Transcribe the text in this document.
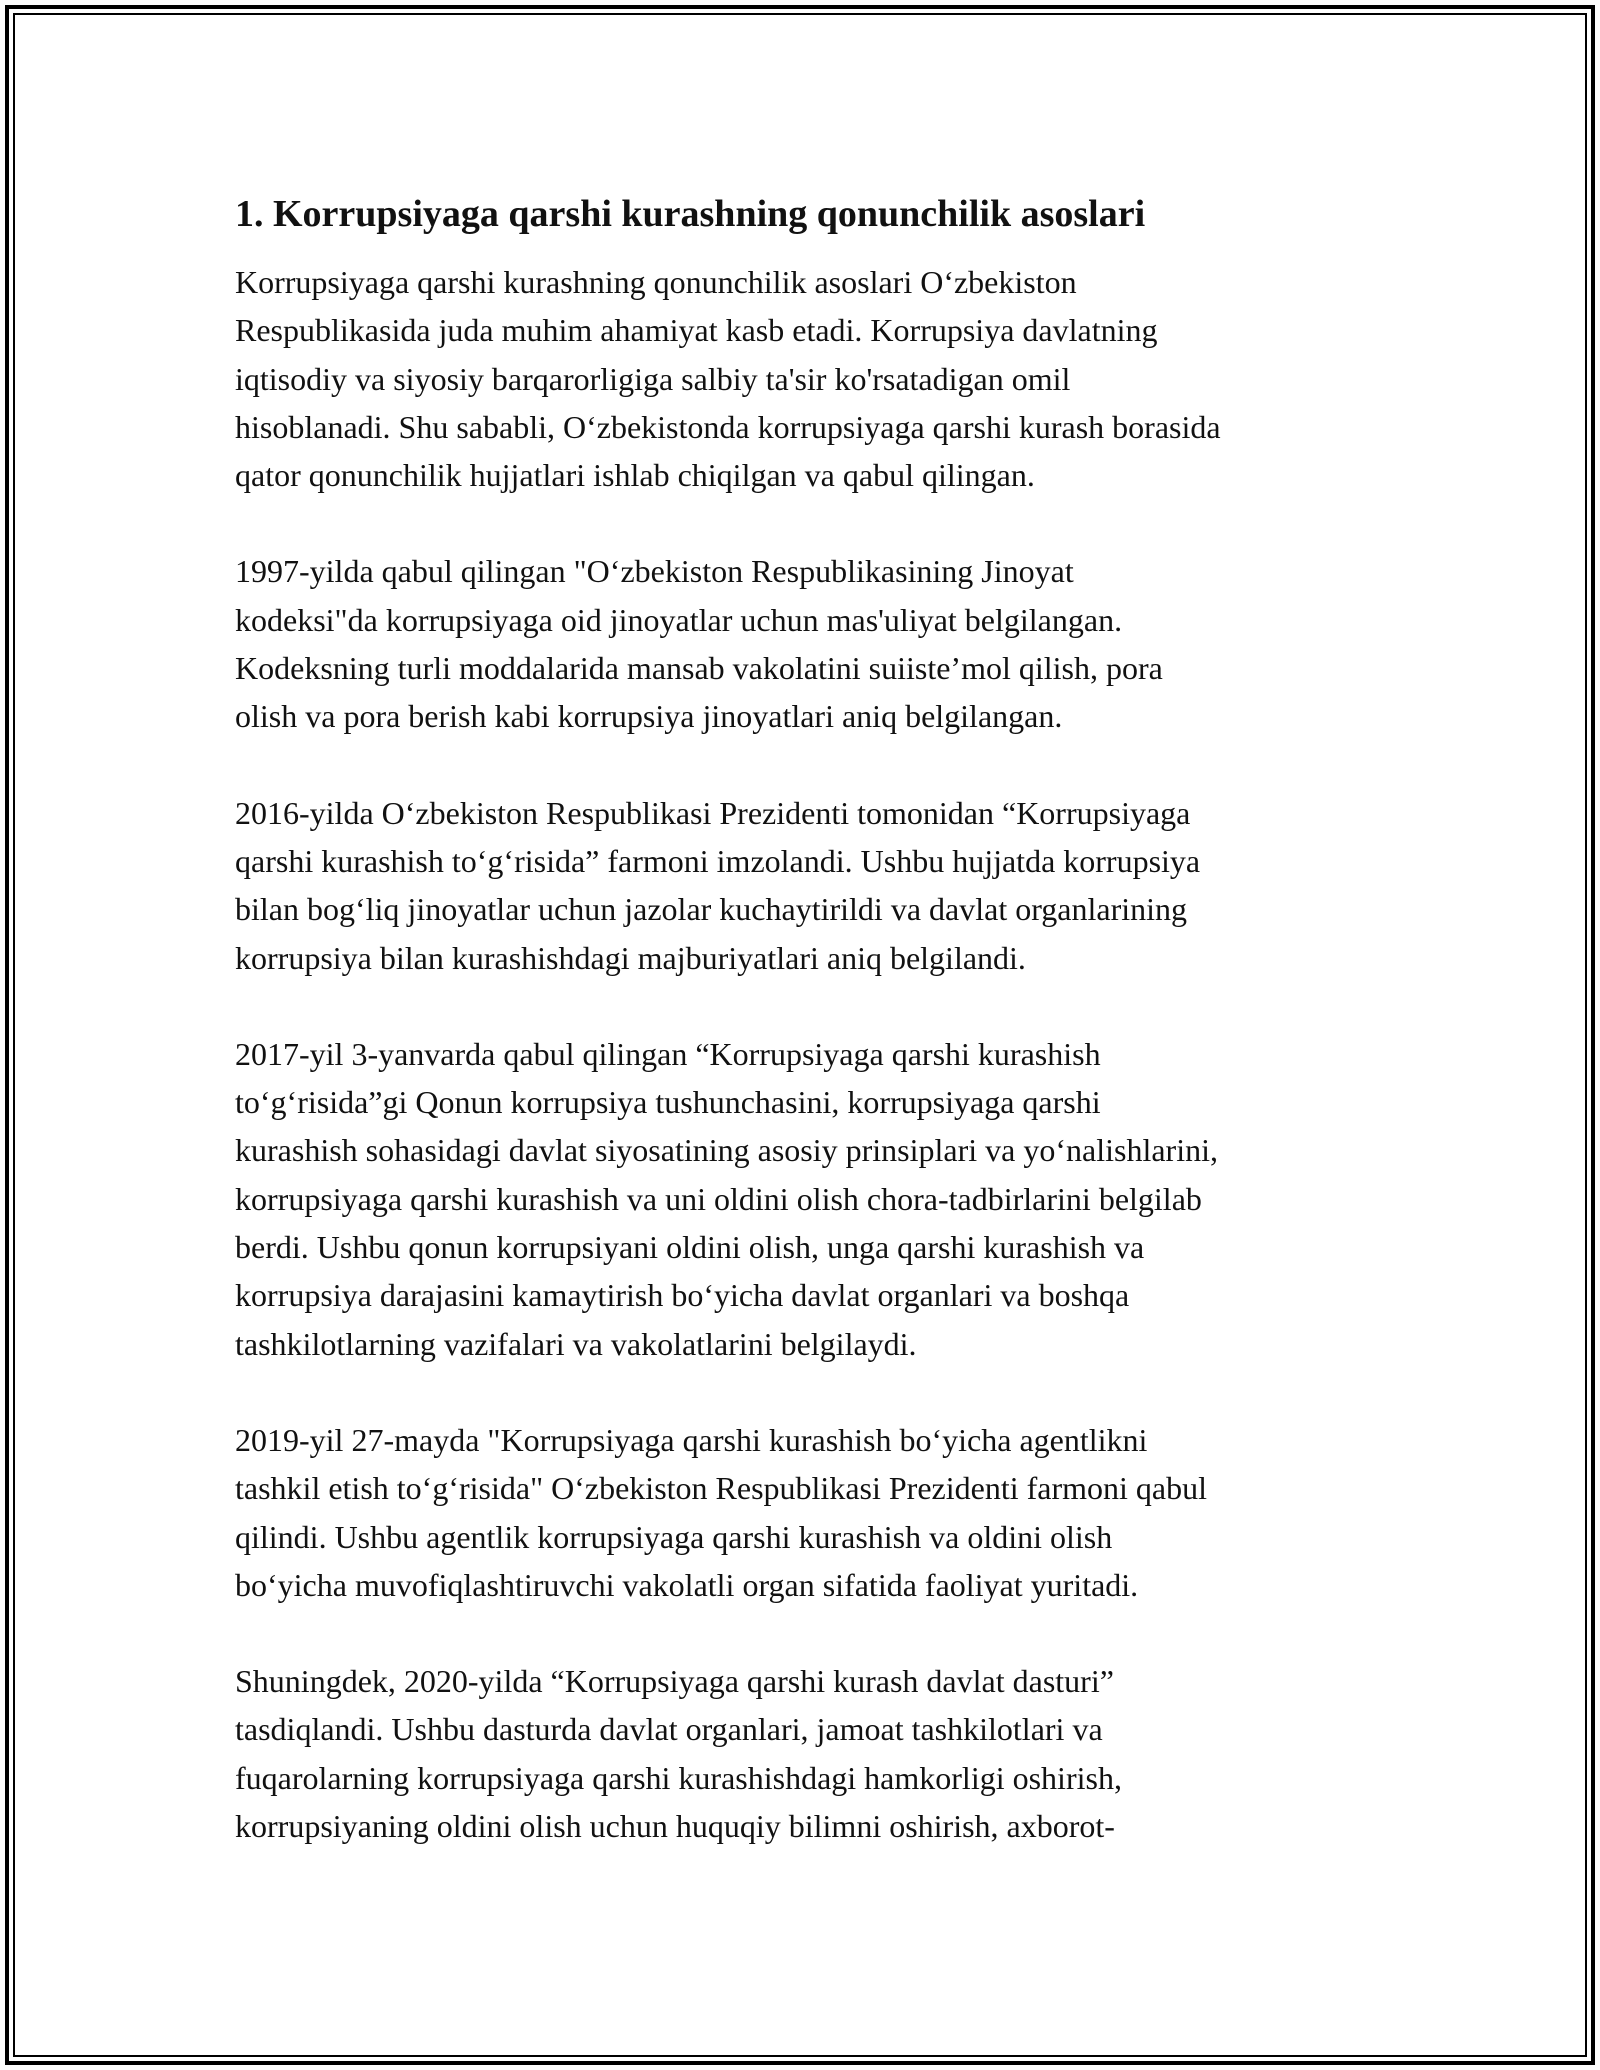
1. Korrupsiyaga qarshi kurashning qonunchilik asoslari

Korrupsiyaga qarshi kurashning qonunchilik asoslari O‘zbekiston
Respublikasida juda muhim ahamiyat kasb etadi. Korrupsiya davlatning
iqtisodiy va siyosiy barqarorligiga salbiy ta'sir ko'rsatadigan omil
hisoblanadi. Shu sababli, O‘zbekistonda korrupsiyaga qarshi kurash borasida
qator qonunchilik hujjatlari ishlab chiqilgan va qabul qilingan.

1997-yilda qabul qilingan "O‘zbekiston Respublikasining Jinoyat
kodeksi"da korrupsiyaga oid jinoyatlar uchun mas'uliyat belgilangan.
Kodeksning turli moddalarida mansab vakolatini suiiste’mol qilish, pora
olish va pora berish kabi korrupsiya jinoyatlari aniq belgilangan.

2016-yilda O‘zbekiston Respublikasi Prezidenti tomonidan “Korrupsiyaga
qarshi kurashish to‘g‘risida” farmoni imzolandi. Ushbu hujjatda korrupsiya
bilan bog‘liq jinoyatlar uchun jazolar kuchaytirildi va davlat organlarining
korrupsiya bilan kurashishdagi majburiyatlari aniq belgilandi.

2017-yil 3-yanvarda qabul qilingan “Korrupsiyaga qarshi kurashish
to‘g‘risida”gi Qonun korrupsiya tushunchasini, korrupsiyaga qarshi
kurashish sohasidagi davlat siyosatining asosiy prinsiplari va yo‘nalishlarini,
korrupsiyaga qarshi kurashish va uni oldini olish chora-tadbirlarini belgilab
berdi. Ushbu qonun korrupsiyani oldini olish, unga qarshi kurashish va
korrupsiya darajasini kamaytirish bo‘yicha davlat organlari va boshqa
tashkilotlarning vazifalari va vakolatlarini belgilaydi.

2019-yil 27-mayda "Korrupsiyaga qarshi kurashish bo‘yicha agentlikni
tashkil etish to‘g‘risida" O‘zbekiston Respublikasi Prezidenti farmoni qabul
qilindi. Ushbu agentlik korrupsiyaga qarshi kurashish va oldini olish
bo‘yicha muvofiqlashtiruvchi vakolatli organ sifatida faoliyat yuritadi.

Shuningdek, 2020-yilda “Korrupsiyaga qarshi kurash davlat dasturi”
tasdiqlandi. Ushbu dasturda davlat organlari, jamoat tashkilotlari va
fuqarolarning korrupsiyaga qarshi kurashishdagi hamkorligi oshirish,
korrupsiyaning oldini olish uchun huquqiy bilimni oshirish, axborot-
